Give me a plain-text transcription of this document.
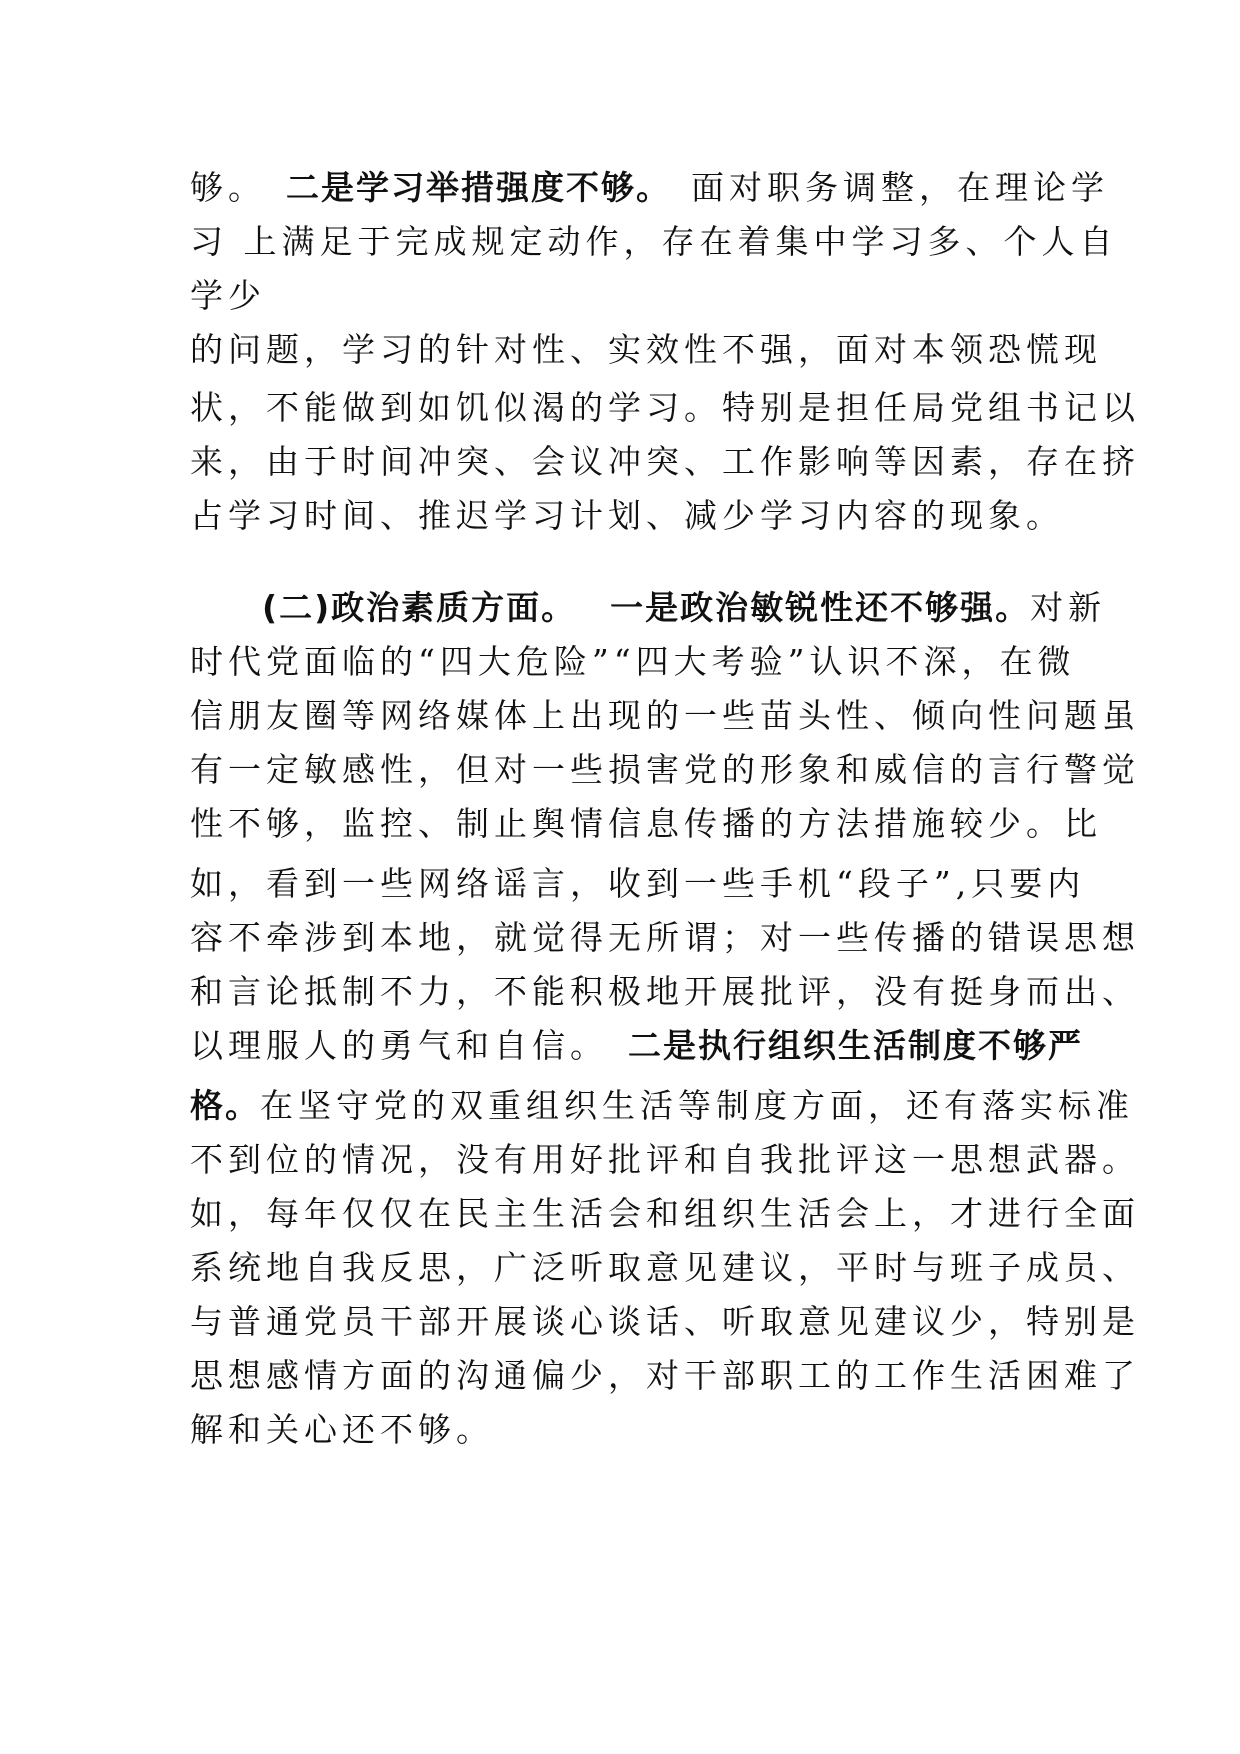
够。 二是学习举措强度不够。 面对职务调整，在理论学
习 上满足于完成规定动作，存在着集中学习多、个人自
学少
的问题，学习的针对性、实效性不强，面对本领恐慌现
状，不能做到如饥似渴的学习。特别是担任局党组书记以
来，由于时间冲突、会议冲突、工作影响等因素，存在挤
占学习时间、推迟学习计划、减少学习内容的现象。
(二)政治素质方面。 一是政治敏锐性还不够强。对新
时代党面临的“四大危险”“四大考验”认识不深，在微
信朋友圈等网络媒体上出现的一些苗头性、倾向性问题虽
有一定敏感性，但对一些损害党的形象和威信的言行警觉
性不够，监控、制止舆情信息传播的方法措施较少。比
如，看到一些网络谣言，收到一些手机“段子”,只要内
容不牵涉到本地，就觉得无所谓；对一些传播的错误思想
和言论抵制不力，不能积极地开展批评，没有挺身而出、
以理服人的勇气和自信。 二是执行组织生活制度不够严
格。在坚守党的双重组织生活等制度方面，还有落实标准
不到位的情况，没有用好批评和自我批评这一思想武器。
如，每年仅仅在民主生活会和组织生活会上，才进行全面
系统地自我反思，广泛听取意见建议，平时与班子成员、
与普通党员干部开展谈心谈话、听取意见建议少，特别是
思想感情方面的沟通偏少，对干部职工的工作生活困难了
解和关心还不够。
